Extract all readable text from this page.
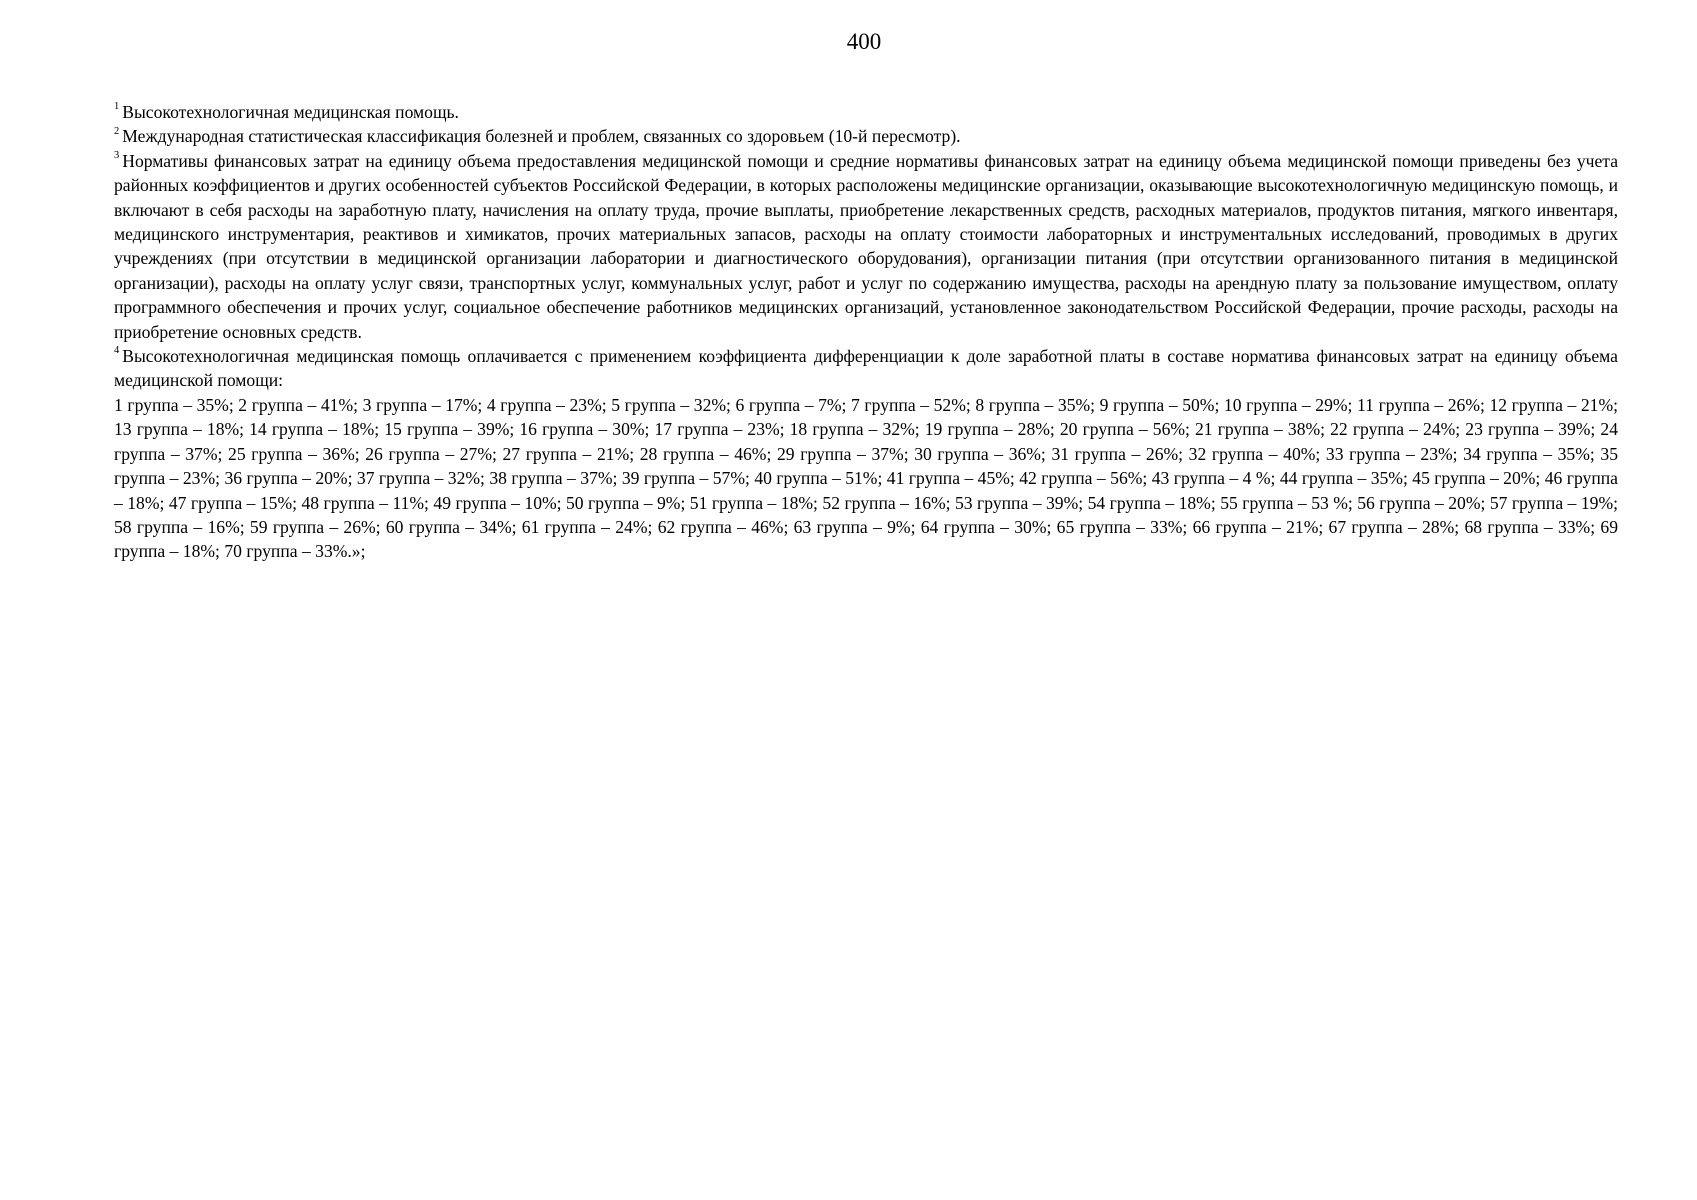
400

$^1$ Высокотехнологичная медицинская помощь.

$^2$ Международная статистическая классификация болезней и проблем, связанных со здоровьем (10-й пересмотр).

$^3$ Нормативы финансовых затрат на единицу объема предоставления медицинской помощи и средние нормативы финансовых затрат на единицу объема медицинской помощи приведены без учета районных коэффициентов и других особенностей субъектов Российской Федерации, в которых расположены медицинские организации, оказывающие высокотехнологичную медицинскую помощь, и включают в себя расходы на заработную плату, начисления на оплату труда, прочие выплаты, приобретение лекарственных средств, расходных материалов, продуктов питания, мягкого инвентаря, медицинского инструментария, реактивов и химикатов, прочих материальных запасов, расходы на оплату стоимости лабораторных и инструментальных исследований, проводимых в других учреждениях (при отсутствии в медицинской организации лаборатории и диагностического оборудования), организации питания (при отсутствии организованного питания в медицинской организации), расходы на оплату услуг связи, транспортных услуг, коммунальных услуг, работ и услуг по содержанию имущества, расходы на арендную плату за пользование имуществом, оплату программного обеспечения и прочих услуг, социальное обеспечение работников медицинских организаций, установленное законодательством Российской Федерации, прочие расходы, расходы на приобретение основных средств.

$^4$ Высокотехнологичная медицинская помощь оплачивается с применением коэффициента дифференциации к доле заработной платы в составе норматива финансовых затрат на единицу объема медицинской помощи:

1 группа – 35%; 2 группа – 41%; 3 группа – 17%; 4 группа – 23%; 5 группа – 32%; 6 группа – 7%; 7 группа – 52%; 8 группа – 35%; 9 группа – 50%; 10 группа – 29%; 11 группа – 26%; 12 группа – 21%; 13 группа – 18%; 14 группа – 18%; 15 группа – 39%; 16 группа – 30%; 17 группа – 23%; 18 группа – 32%; 19 группа – 28%; 20 группа – 56%; 21 группа – 38%; 22 группа – 24%; 23 группа – 39%; 24 группа – 37%; 25 группа – 36%; 26 группа – 27%; 27 группа – 21%; 28 группа – 46%; 29 группа – 37%; 30 группа – 36%; 31 группа – 26%; 32 группа – 40%; 33 группа – 23%; 34 группа – 35%; 35 группа – 23%; 36 группа – 20%; 37 группа – 32%; 38 группа – 37%; 39 группа – 57%; 40 группа – 51%; 41 группа – 45%; 42 группа – 56%; 43 группа – 4 %; 44 группа – 35%; 45 группа – 20%; 46 группа – 18%; 47 группа – 15%; 48 группа – 11%; 49 группа – 10%; 50 группа – 9%; 51 группа – 18%; 52 группа – 16%; 53 группа – 39%; 54 группа – 18%; 55 группа – 53 %; 56 группа – 20%; 57 группа – 19%; 58 группа – 16%; 59 группа – 26%; 60 группа – 34%; 61 группа – 24%; 62 группа – 46%; 63 группа – 9%; 64 группа – 30%; 65 группа – 33%; 66 группа – 21%; 67 группа – 28%; 68 группа – 33%; 69 группа – 18%; 70 группа – 33%.»;
